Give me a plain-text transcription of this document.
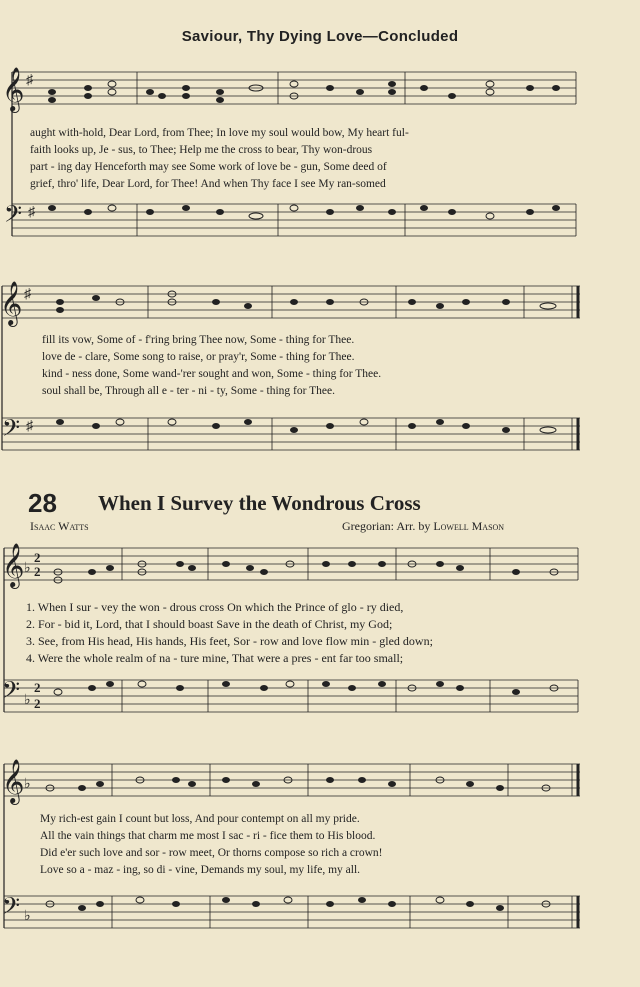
Saviour, Thy Dying Love—Concluded
𝄞 ♯
𝄢 ♯
aught with-hold, Dear Lord, from Thee; In love my soul would bow, My heart ful-
faith looks up, Je - sus, to Thee; Help me the cross to bear, Thy won-drous
part - ing day Henceforth may see Some work of love be - gun, Some deed of
grief, thro' life, Dear Lord, for Thee! And when Thy face I see My ran-somed
𝄞 ♯
𝄢 ♯
fill its vow, Some of - f'ring bring Thee now, Some - thing for Thee.
love de - clare, Some song to raise, or pray'r, Some - thing for Thee.
kind - ness done, Some wand-'rer sought and won, Some - thing for Thee.
soul shall be, Through all e - ter - ni - ty, Some - thing for Thee.
28 When I Survey the Wondrous Cross
Isaac Watts	Gregorian: Arr. by Lowell Mason
𝄞 ♭
2
2
𝄢 ♭
2
2
1. When I sur - vey the won - drous cross On which the Prince of glo - ry died,
2. For - bid it, Lord, that I should boast Save in the death of Christ, my God;
3. See, from His head, His hands, His feet, Sor - row and love flow min - gled down;
4. Were the whole realm of na - ture mine, That were a pres - ent far too small;
𝄞 ♭
𝄢 ♭
My rich-est gain I count but loss, And pour contempt on all my pride.
All the vain things that charm me most I sac - ri - fice them to His blood.
Did e'er such love and sor - row meet, Or thorns compose so rich a crown!
Love so a - maz - ing, so di - vine, Demands my soul, my life, my all.
